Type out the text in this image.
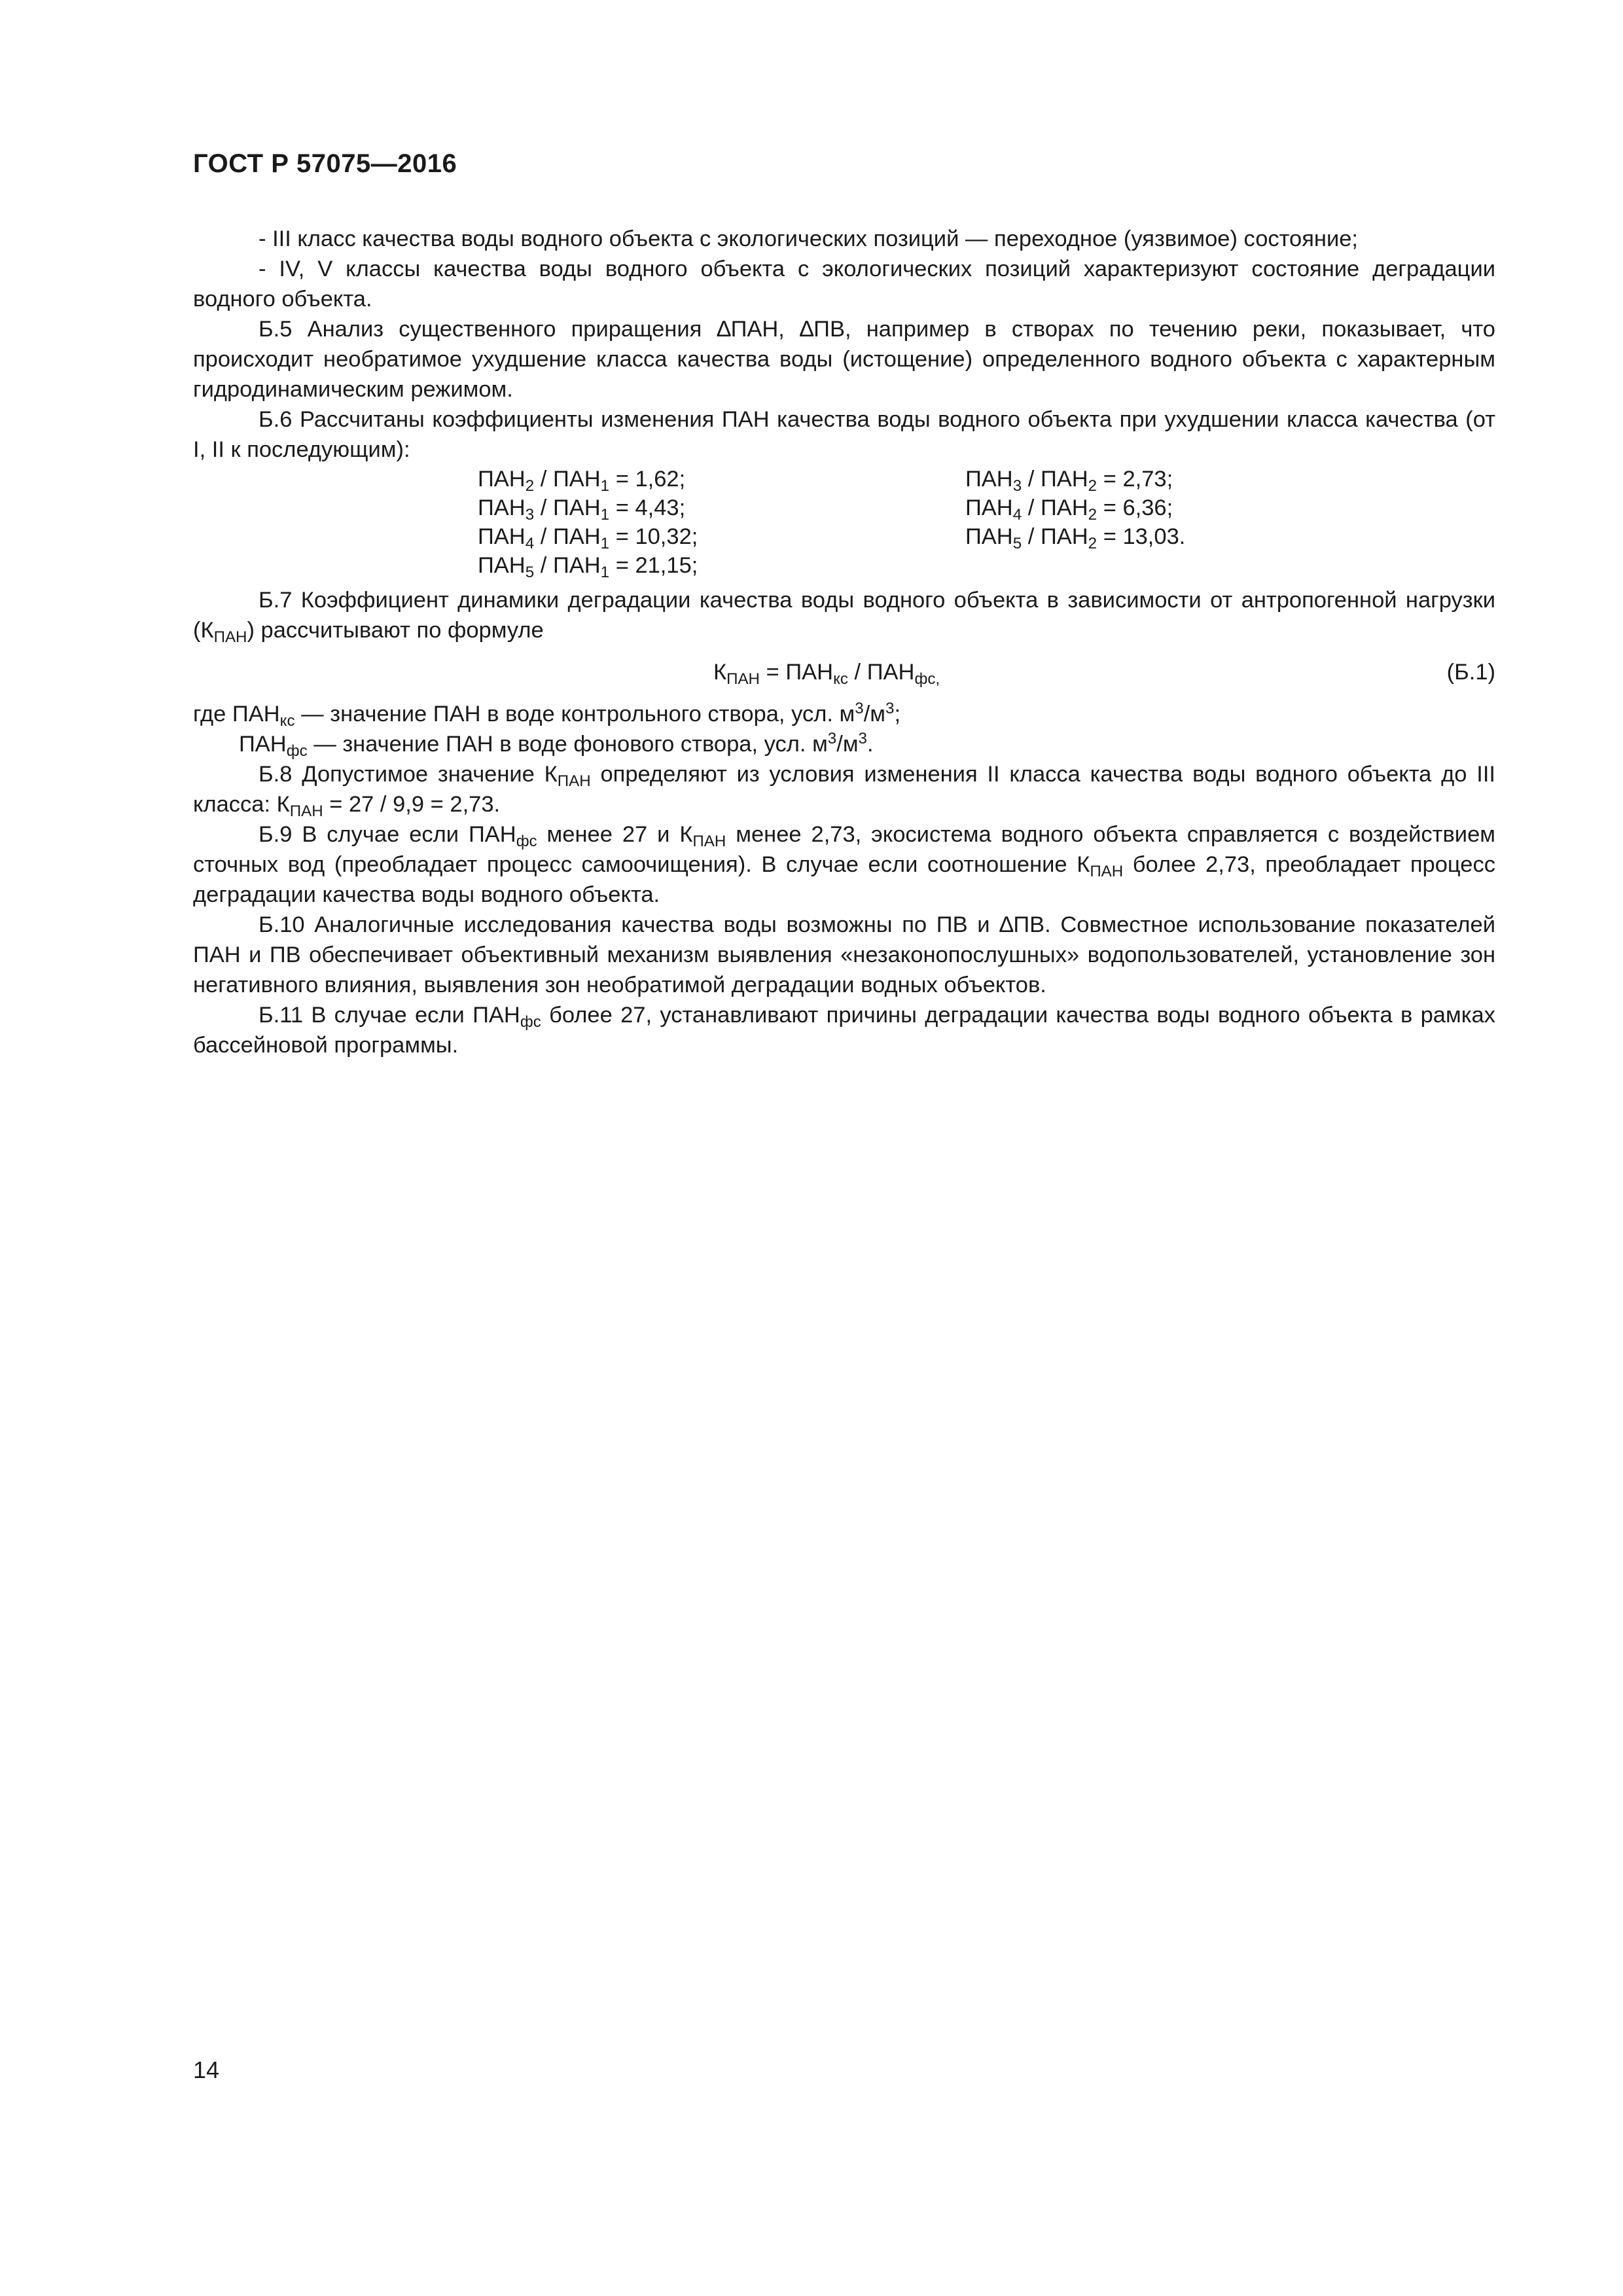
ГОСТ Р 57075—2016

- III класс качества воды водного объекта с экологических позиций — переходное (уязвимое) состояние;

- IV, V классы качества воды водного объекта с экологических позиций характеризуют состояние деградации водного объекта.

Б.5 Анализ существенного приращения ∆ПАН, ∆ПВ, например в створах по течению реки, показывает, что происходит необратимое ухудшение класса качества воды (истощение) определенного водного объекта с характерным гидродинамическим режимом.

Б.6 Рассчитаны коэффициенты изменения ПАН качества воды водного объекта при ухудшении класса качества (от I, II к последующим):

$ПАН_2 / ПАН_1 = 1,62$;
$ПАН_3 / ПАН_1 = 4,43$;
$ПАН_4 / ПАН_1 = 10,32$;
$ПАН_5 / ПАН_1 = 21,15$;
$ПАН_3 / ПАН_2 = 2,73$;
$ПАН_4 / ПАН_2 = 6,36$;
$ПАН_5 / ПАН_2 = 13,03$.

Б.7 Коэффициент динамики деградации качества воды водного объекта в зависимости от антропогенной нагрузки $(К_{ПАН})$ рассчитывают по формуле

$К_{ПАН} = ПАН_{кс} / ПАН_{фс,}$	(Б.1)
где $ПАН_{кс}$ — значение ПАН в воде контрольного створа, усл. $м^3/м^3$;
$ПАН_{фс}$ — значение ПАН в воде фонового створа, усл. $м^3/м^3$.

Б.8 Допустимое значение $К_{ПАН}$ определяют из условия изменения II класса качества воды водного объекта до III класса: $К_{ПАН} = 27 / 9,9 = 2,73$.

Б.9 В случае если $ПАН_{фс}$ менее 27 и $К_{ПАН}$ менее 2,73, экосистема водного объекта справляется с воздействием сточных вод (преобладает процесс самоочищения). В случае если соотношение $К_{ПАН}$ более 2,73, преобладает процесс деградации качества воды водного объекта.

Б.10 Аналогичные исследования качества воды возможны по ПВ и ∆ПВ. Совместное использование показателей ПАН и ПВ обеспечивает объективный механизм выявления «незаконопослушных» водопользователей, установление зон негативного влияния, выявления зон необратимой деградации водных объектов.

Б.11 В случае если $ПАН_{фс}$ более 27, устанавливают причины деградации качества воды водного объекта в рамках бассейновой программы.

14
